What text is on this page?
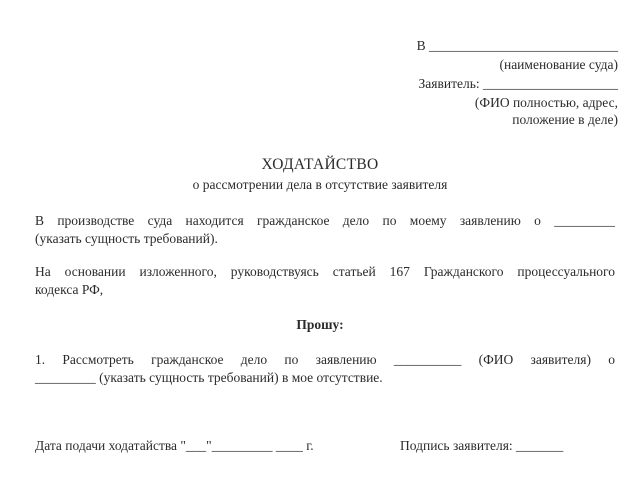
В ____________________________
(наименование суда)
Заявитель: ____________________
(ФИО полностью, адрес,
положение в деле)
ХОДАТАЙСТВО
о рассмотрении дела в отсутствие заявителя
В производстве суда находится гражданское дело по моему заявлению о _________
(указать сущность требований).
На основании изложенного, руководствуясь статьей 167 Гражданского процессуального
кодекса РФ,
Прошу:
1. Рассмотреть гражданское дело по заявлению __________ (ФИО заявителя) о
_________ (указать сущность требований) в мое отсутствие.
Дата подачи ходатайства "___"_________ ____ г.	Подпись заявителя: _______
